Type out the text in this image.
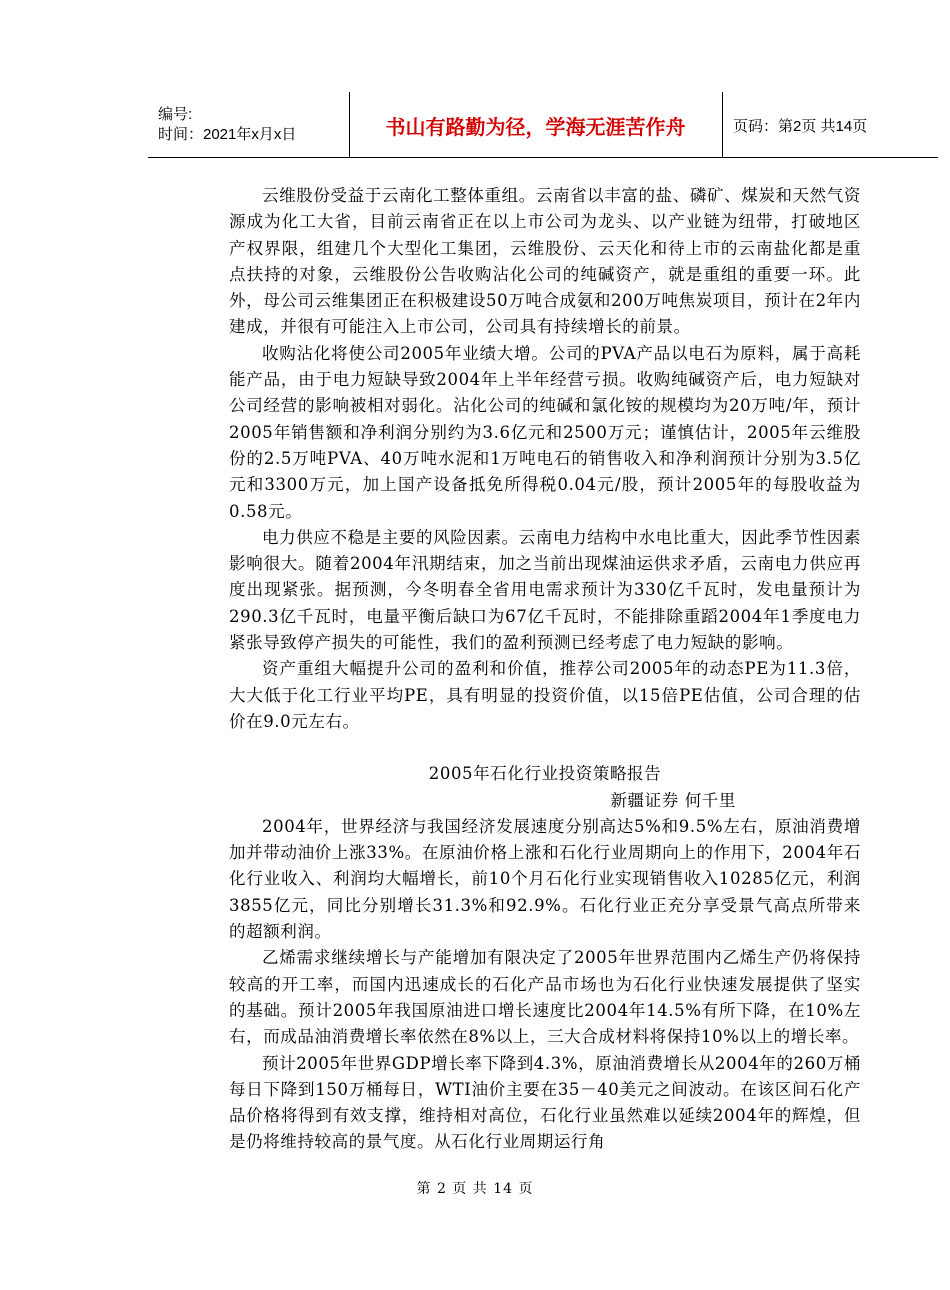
编号:
时间：2021年x月x日	书山有路勤为径，学海无涯苦作舟	页码：第2页 共14页

云维股份受益于云南化工整体重组。云南省以丰富的盐、磷矿、煤炭和天然气资源成为化工大省，目前云南省正在以上市公司为龙头、以产业链为纽带，打破地区产权界限，组建几个大型化工集团，云维股份、云天化和待上市的云南盐化都是重点扶持的对象，云维股份公告收购沾化公司的纯碱资产，就是重组的重要一环。此外，母公司云维集团正在积极建设50万吨合成氨和200万吨焦炭项目，预计在2年内建成，并很有可能注入上市公司，公司具有持续增长的前景。

收购沾化将使公司2005年业绩大增。公司的PVA产品以电石为原料，属于高耗能产品，由于电力短缺导致2004年上半年经营亏损。收购纯碱资产后，电力短缺对公司经营的影响被相对弱化。沾化公司的纯碱和氯化铵的规模均为20万吨/年，预计2005年销售额和净利润分别约为3.6亿元和2500万元；谨慎估计，2005年云维股份的2.5万吨PVA、40万吨水泥和1万吨电石的销售收入和净利润预计分别为3.5亿元和3300万元，加上国产设备抵免所得税0.04元/股，预计2005年的每股收益为0.58元。

电力供应不稳是主要的风险因素。云南电力结构中水电比重大，因此季节性因素影响很大。随着2004年汛期结束，加之当前出现煤油运供求矛盾，云南电力供应再度出现紧张。据预测，今冬明春全省用电需求预计为330亿千瓦时，发电量预计为290.3亿千瓦时，电量平衡后缺口为67亿千瓦时，不能排除重蹈2004年1季度电力紧张导致停产损失的可能性，我们的盈利预测已经考虑了电力短缺的影响。

资产重组大幅提升公司的盈利和价值，推荐公司2005年的动态PE为11.3倍，大大低于化工行业平均PE，具有明显的投资价值，以15倍PE估值，公司合理的估价在9.0元左右。

2005年石化行业投资策略报告

新疆证券 何千里

2004年，世界经济与我国经济发展速度分别高达5%和9.5%左右，原油消费增加并带动油价上涨33%。在原油价格上涨和石化行业周期向上的作用下，2004年石化行业收入、利润均大幅增长，前10个月石化行业实现销售收入10285亿元，利润3855亿元，同比分别增长31.3%和92.9%。石化行业正充分享受景气高点所带来的超额利润。

乙烯需求继续增长与产能增加有限决定了2005年世界范围内乙烯生产仍将保持较高的开工率，而国内迅速成长的石化产品市场也为石化行业快速发展提供了坚实的基础。预计2005年我国原油进口增长速度比2004年14.5%有所下降，在10%左右，而成品油消费增长率依然在8%以上，三大合成材料将保持10%以上的增长率。

预计2005年世界GDP增长率下降到4.3%，原油消费增长从2004年的260万桶每日下降到150万桶每日，WTI油价主要在35－40美元之间波动。在该区间石化产品价格将得到有效支撑，维持相对高位，石化行业虽然难以延续2004年的辉煌，但是仍将维持较高的景气度。从石化行业周期运行角

第 2 页 共 14 页
